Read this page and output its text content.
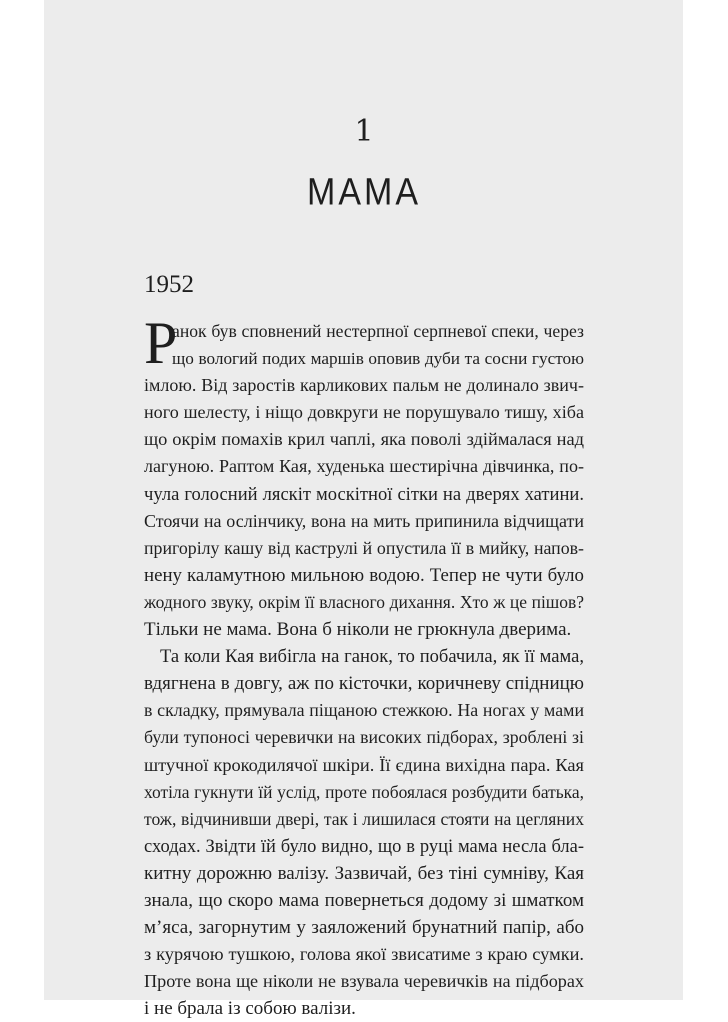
1
МАМА
1952
Р
анок був сповнений нестерпної серпневої спеки, через
що вологий подих маршів оповив дуби та сосни густою
імлою. Від заростів карликових пальм не долинало звич-
ного шелесту, і ніщо довкруги не порушувало тишу, хіба
що окрім помахів крил чаплі, яка поволі здіймалася над
лагуною. Раптом Кая, худенька шестирічна дівчинка, по-
чула голосний ляскіт москітної сітки на дверях хатини.
Стоячи на ослінчику, вона на мить припинила відчищати
пригорілу кашу від каструлі й опустила її в мийку, напов-
нену каламутною мильною водою. Тепер не чути було
жодного звуку, окрім її власного дихання. Хто ж це пішов?
Тільки не мама. Вона б ніколи не грюкнула дверима.
Та коли Кая вибігла на ганок, то побачила, як її мама,
вдягнена в довгу, аж по кісточки, коричневу спідницю
в складку, прямувала піщаною стежкою. На ногах у мами
були тупоносі черевички на високих підборах, зроблені зі
штучної крокодилячої шкіри. Її єдина вихідна пара. Кая
хотіла гукнути їй услід, проте побоялася розбудити батька,
тож, відчинивши двері, так і лишилася стояти на цегляних
сходах. Звідти їй було видно, що в руці мама несла бла-
китну дорожню валізу. Зазвичай, без тіні сумніву, Кая
знала, що скоро мама повернеться додому зі шматком
м’яса, загорнутим у заяложений брунатний папір, або
з курячою тушкою, голова якої звисатиме з краю сумки.
Проте вона ще ніколи не взувала черевичків на підборах
і не брала із собою валізи.
